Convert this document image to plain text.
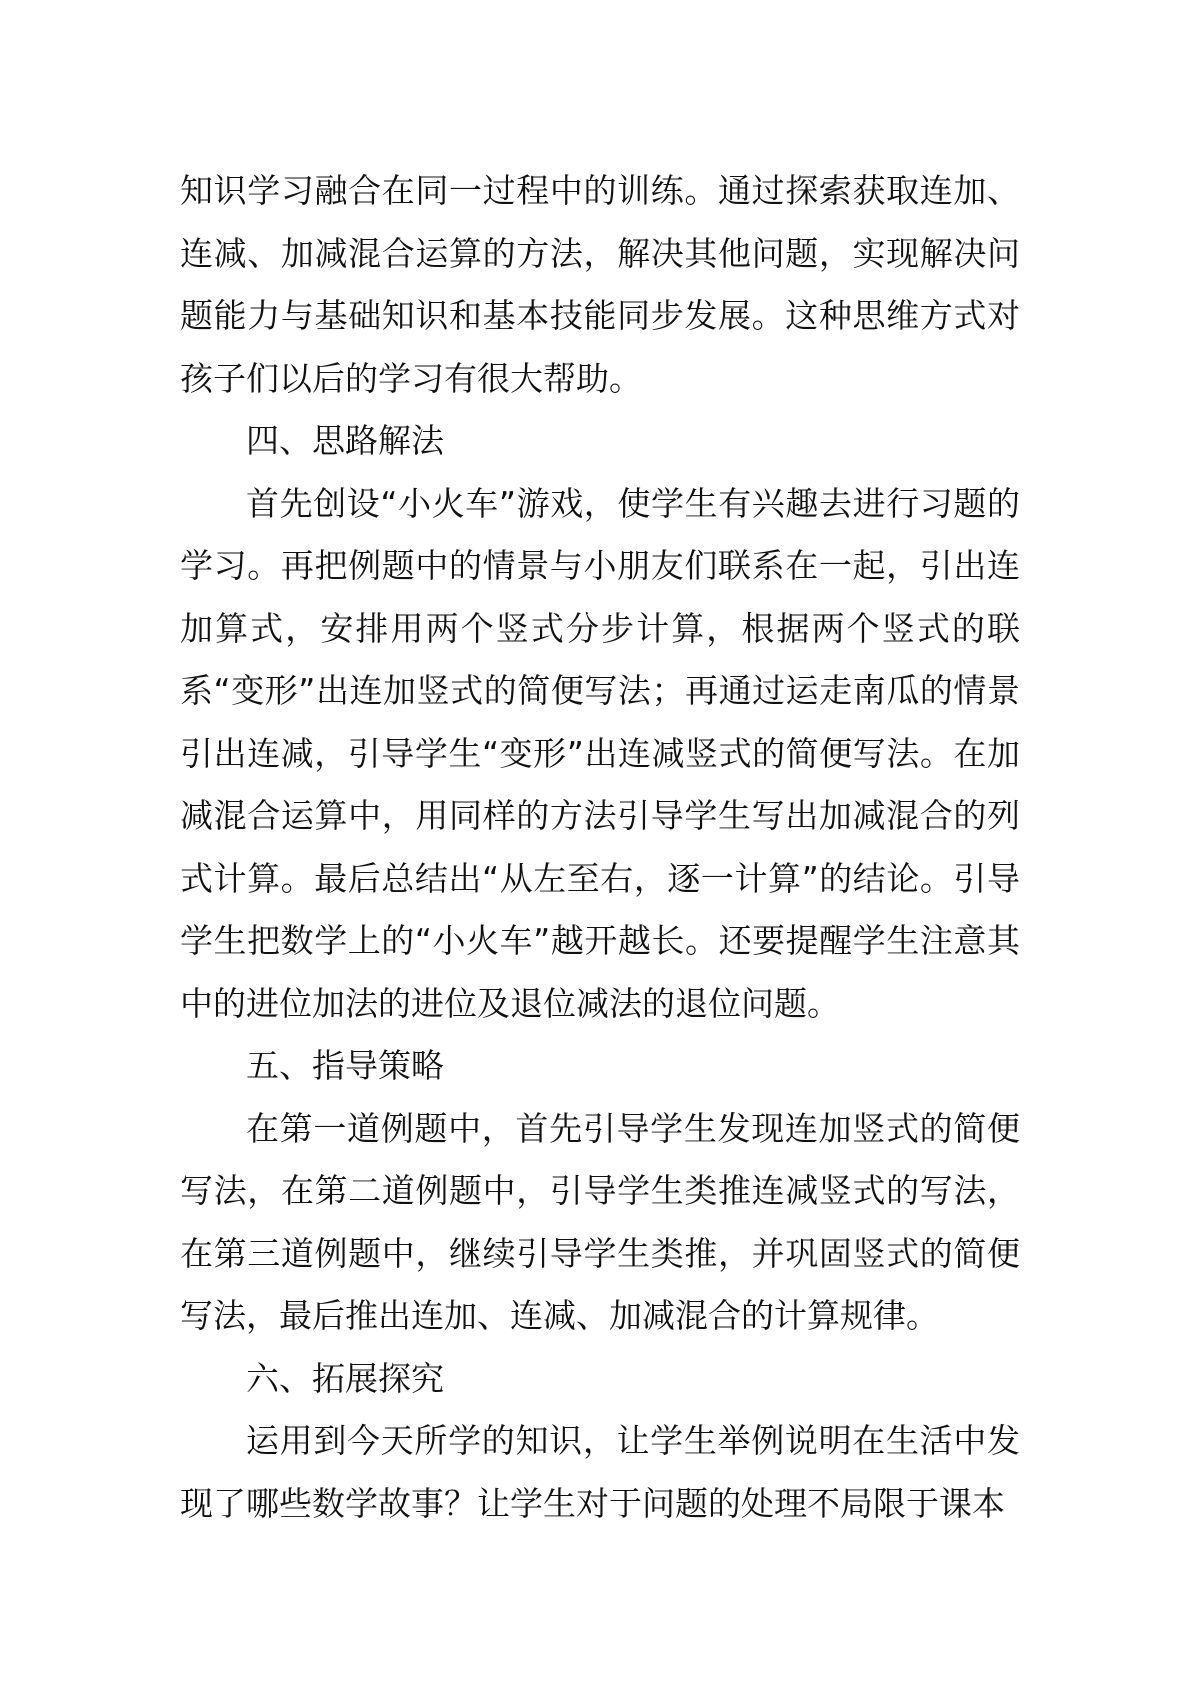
知识学习融合在同一过程中的训练。通过探索获取连加、连减、加减混合运算的方法，解决其他问题，实现解决问题能力与基础知识和基本技能同步发展。这种思维方式对孩子们以后的学习有很大帮助。

四、思路解法

首先创设“小火车”游戏，使学生有兴趣去进行习题的学习。再把例题中的情景与小朋友们联系在一起，引出连加算式，安排用两个竖式分步计算，根据两个竖式的联系“变形”出连加竖式的简便写法；再通过运走南瓜的情景引出连减，引导学生“变形”出连减竖式的简便写法。在加减混合运算中，用同样的方法引导学生写出加减混合的列式计算。最后总结出“从左至右，逐一计算”的结论。引导学生把数学上的“小火车”越开越长。还要提醒学生注意其中的进位加法的进位及退位减法的退位问题。

五、指导策略

在第一道例题中，首先引导学生发现连加竖式的简便写法，在第二道例题中，引导学生类推连减竖式的写法，在第三道例题中，继续引导学生类推，并巩固竖式的简便写法，最后推出连加、连减、加减混合的计算规律。

六、拓展探究

运用到今天所学的知识，让学生举例说明在生活中发现了哪些数学故事？让学生对于问题的处理不局限于课本
